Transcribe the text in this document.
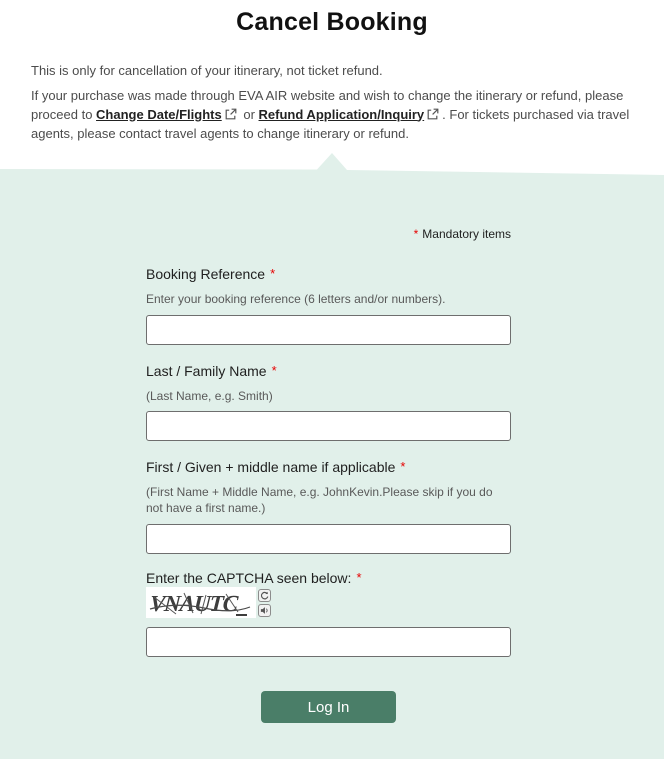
Cancel Booking

This is only for cancellation of your itinerary, not ticket refund.

If your purchase was made through EVA AIR website and wish to change the itinerary or refund, please proceed to Change Date/Flights or Refund Application/Inquiry . For tickets purchased via travel agents, please contact travel agents to change itinerary or refund.

* Mandatory items
Booking Reference *
Enter your booking reference (6 letters and/or numbers).
Last / Family Name *
(Last Name, e.g. Smith)
First / Given + middle name if applicable *
(First Name + Middle Name, e.g. JohnKevin.Please skip if you do not have a first name.)
Enter the CAPTCHA seen below: *
VNAUTC
Log In
